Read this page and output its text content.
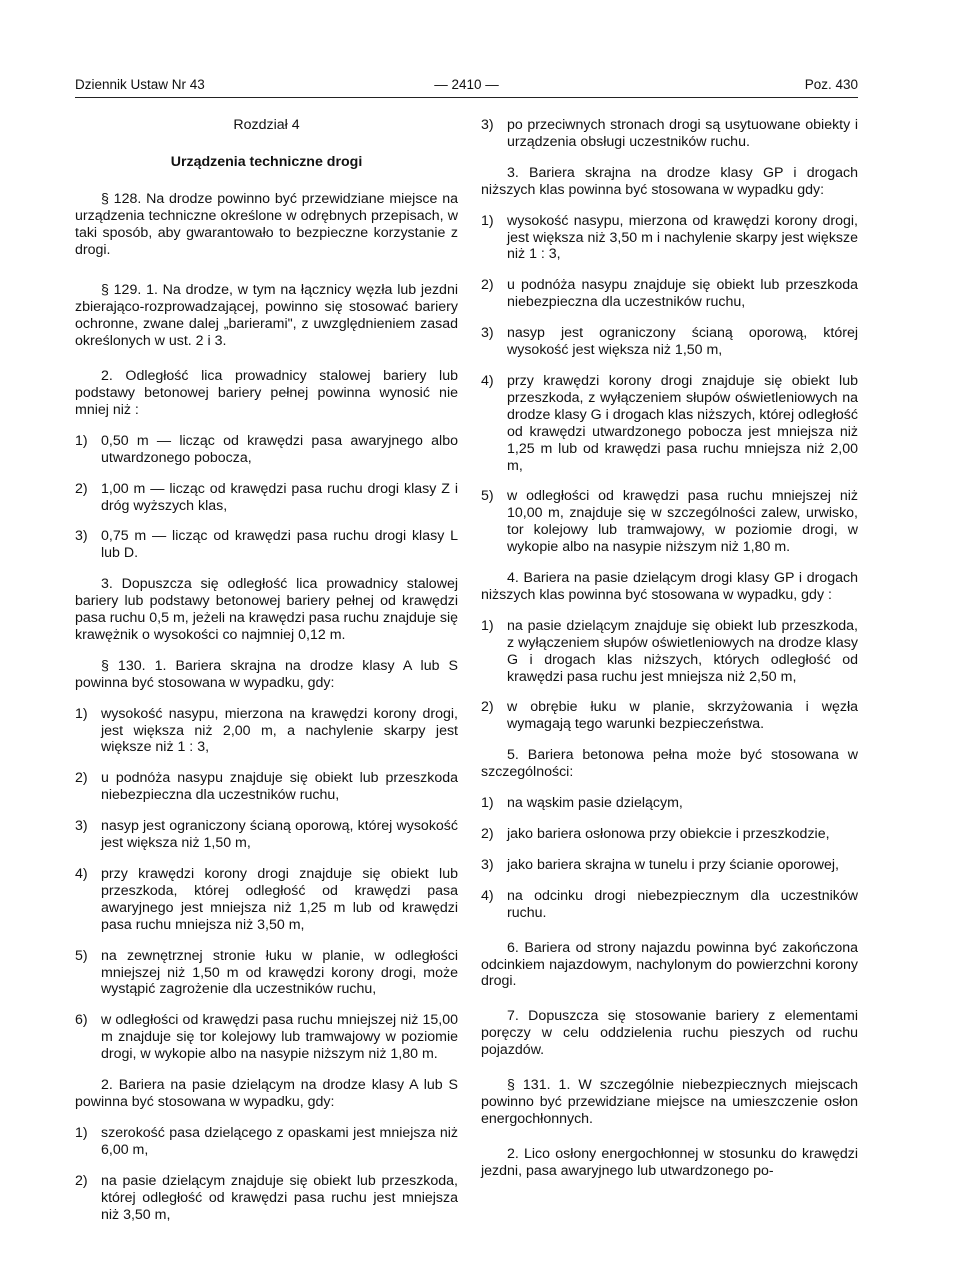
Dziennik Ustaw Nr 43	— 2410 —	Poz. 430
Rozdział 4
Urządzenia techniczne drogi

§ 128. Na drodze powinno być przewidziane miejsce na urządzenia techniczne określone w odrębnych przepisach, w taki sposób, aby gwarantowało to bezpieczne korzystanie z drogi.

§ 129. 1. Na drodze, w tym na łącznicy węzła lub jezdni zbierająco-rozprowadzającej, powinno się stosować bariery ochronne, zwane dalej „barierami", z uwzględnieniem zasad określonych w ust. 2 i 3.

2. Odległość lica prowadnicy stalowej bariery lub podstawy betonowej bariery pełnej powinna wynosić nie mniej niż :

1) 0,50 m — licząc od krawędzi pasa awaryjnego albo utwardzonego pobocza,
2) 1,00 m — licząc od krawędzi pasa ruchu drogi klasy Z i dróg wyższych klas,
3) 0,75 m — licząc od krawędzi pasa ruchu drogi klasy L lub D.

3. Dopuszcza się odległość lica prowadnicy stalowej bariery lub podstawy betonowej bariery pełnej od krawędzi pasa ruchu 0,5 m, jeżeli na krawędzi pasa ruchu znajduje się krawężnik o wysokości co najmniej 0,12 m.

§ 130. 1. Bariera skrajna na drodze klasy A lub S powinna być stosowana w wypadku, gdy:

1) wysokość nasypu, mierzona na krawędzi korony drogi, jest większa niż 2,00 m, a nachylenie skarpy jest większe niż 1 : 3,
2) u podnóża nasypu znajduje się obiekt lub przeszkoda niebezpieczna dla uczestników ruchu,
3) nasyp jest ograniczony ścianą oporową, której wysokość jest większa niż 1,50 m,
4) przy krawędzi korony drogi znajduje się obiekt lub przeszkoda, której odległość od krawędzi pasa awaryjnego jest mniejsza niż 1,25 m lub od krawędzi pasa ruchu mniejsza niż 3,50 m,
5) na zewnętrznej stronie łuku w planie, w odległości mniejszej niż 1,50 m od krawędzi korony drogi, może wystąpić zagrożenie dla uczestników ruchu,
6) w odległości od krawędzi pasa ruchu mniejszej niż 15,00 m znajduje się tor kolejowy lub tramwajowy w poziomie drogi, w wykopie albo na nasypie niższym niż 1,80 m.

2. Bariera na pasie dzielącym na drodze klasy A lub S powinna być stosowana w wypadku, gdy:

1) szerokość pasa dzielącego z opaskami jest mniejsza niż 6,00 m,
2) na pasie dzielącym znajduje się obiekt lub przeszkoda, której odległość od krawędzi pasa ruchu jest mniejsza niż 3,50 m,
3) po przeciwnych stronach drogi są usytuowane obiekty i urządzenia obsługi uczestników ruchu.

3. Bariera skrajna na drodze klasy GP i drogach niższych klas powinna być stosowana w wypadku gdy:

1) wysokość nasypu, mierzona od krawędzi korony drogi, jest większa niż 3,50 m i nachylenie skarpy jest większe niż 1 : 3,
2) u podnóża nasypu znajduje się obiekt lub przeszkoda niebezpieczna dla uczestników ruchu,
3) nasyp jest ograniczony ścianą oporową, której wysokość jest większa niż 1,50 m,
4) przy krawędzi korony drogi znajduje się obiekt lub przeszkoda, z wyłączeniem słupów oświetleniowych na drodze klasy G i drogach klas niższych, której odległość od krawędzi utwardzonego pobocza jest mniejsza niż 1,25 m lub od krawędzi pasa ruchu mniejsza niż 2,00 m,
5) w odległości od krawędzi pasa ruchu mniejszej niż 10,00 m, znajduje się w szczególności zalew, urwisko, tor kolejowy lub tramwajowy, w poziomie drogi, w wykopie albo na nasypie niższym niż 1,80 m.

4. Bariera na pasie dzielącym drogi klasy GP i drogach niższych klas powinna być stosowana w wypadku, gdy :

1) na pasie dzielącym znajduje się obiekt lub przeszkoda, z wyłączeniem słupów oświetleniowych na drodze klasy G i drogach klas niższych, których odległość od krawędzi pasa ruchu jest mniejsza niż 2,50 m,
2) w obrębie łuku w planie, skrzyżowania i węzła wymagają tego warunki bezpieczeństwa.

5. Bariera betonowa pełna może być stosowana w szczególności:

1) na wąskim pasie dzielącym,
2) jako bariera osłonowa przy obiekcie i przeszkodzie,
3) jako bariera skrajna w tunelu i przy ścianie oporowej,
4) na odcinku drogi niebezpiecznym dla uczestników ruchu.

6. Bariera od strony najazdu powinna być zakończona odcinkiem najazdowym, nachylonym do powierzchni korony drogi.

7. Dopuszcza się stosowanie bariery z elementami poręczy w celu oddzielenia ruchu pieszych od ruchu pojazdów.

§ 131. 1. W szczególnie niebezpiecznych miejscach powinno być przewidziane miejsce na umieszczenie osłon energochłonnych.

2. Lico osłony energochłonnej w stosunku do krawędzi jezdni, pasa awaryjnego lub utwardzonego po-
